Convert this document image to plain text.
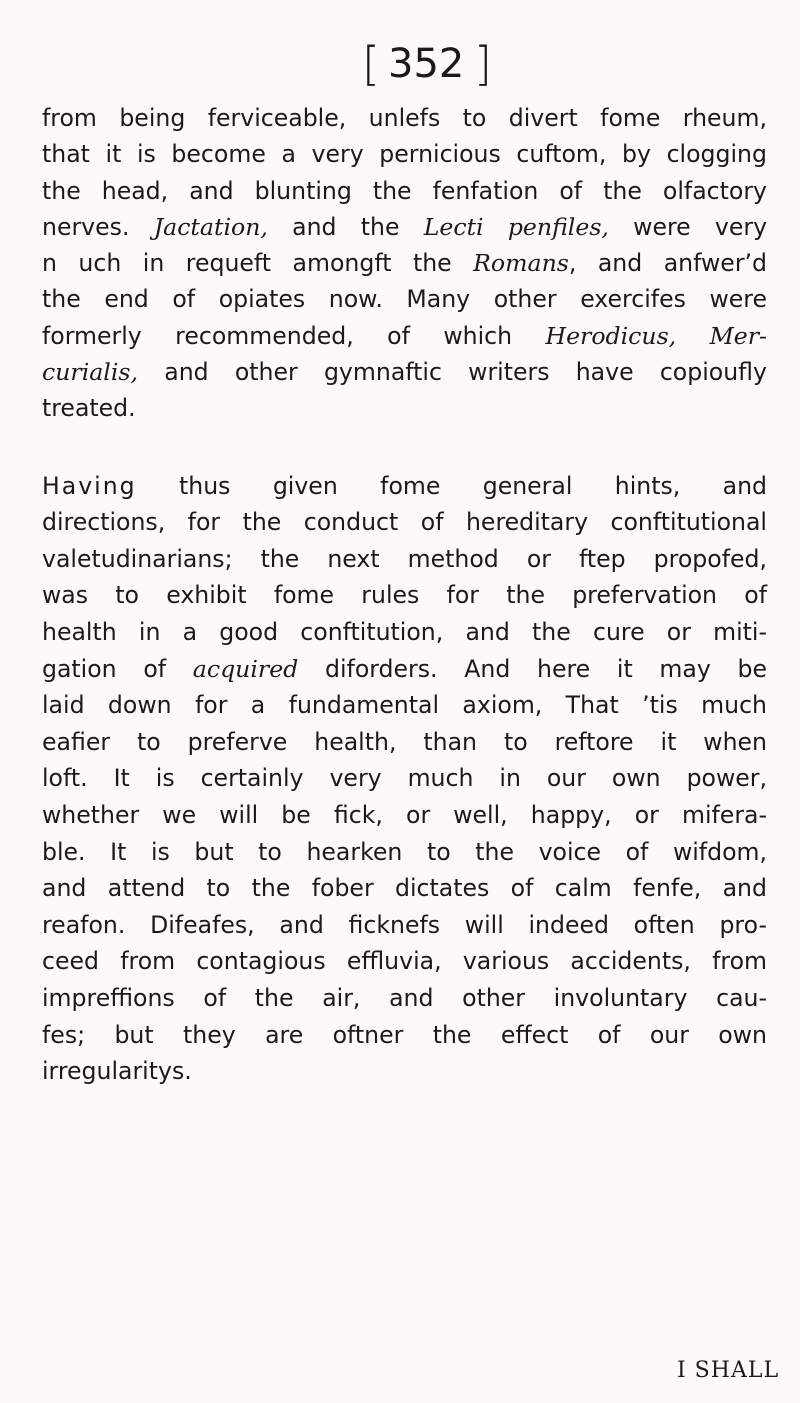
[ 352 ]
from being ferviceable, unlefs to divert fome rheum,
that it is become a very pernicious cuftom, by clogging
the head, and blunting the fenfation of the olfactory
nerves. Jactation, and the Lecti penfiles, were very
n uch in requeft amongft the Romans, and anfwer’d
the end of opiates now. Many other exercifes were
formerly recommended, of which Herodicus, Mer-
curialis, and other gymnaftic writers have copioufly
treated.
Having thus given fome general hints, and
directions, for the conduct of hereditary conftitutional
valetudinarians; the next method or ftep propofed,
was to exhibit fome rules for the prefervation of
health in a good conftitution, and the cure or miti-
gation of acquired diforders. And here it may be
laid down for a fundamental axiom, That ’tis much
eafier to preferve health, than to reftore it when
loft. It is certainly very much in our own power,
whether we will be fick, or well, happy, or mifera-
ble. It is but to hearken to the voice of wifdom,
and attend to the fober dictates of calm fenfe, and
reafon. Difeafes, and ficknefs will indeed often pro-
ceed from contagious effluvia, various accidents, from
impreffions of the air, and other involuntary cau-
fes; but they are oftner the effect of our own
irregularitys.
I SHALL
